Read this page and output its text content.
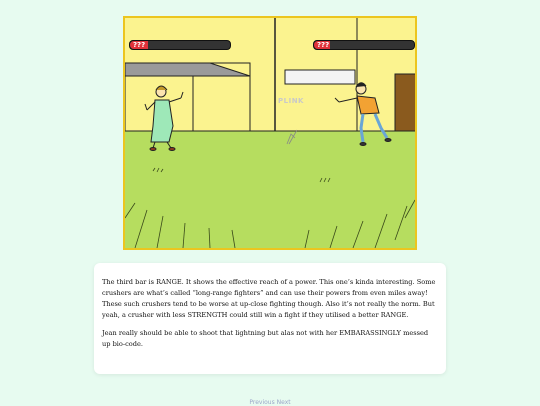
???	???
PLINK

The third bar is RANGE. It shows the effective reach of a power. This one’s kinda interesting. Some crushers are what’s called “long-range fighters” and can use their powers from even miles away! These such crushers tend to be worse at up-close fighting though. Also it’s not really the norm. But yeah, a crusher with less STRENGTH could still win a fight if they utilised a better RANGE.

Jean really should be able to shoot that lightning but alas not with her EMBARASSINGLY messed up bio-code.

Previous Next
